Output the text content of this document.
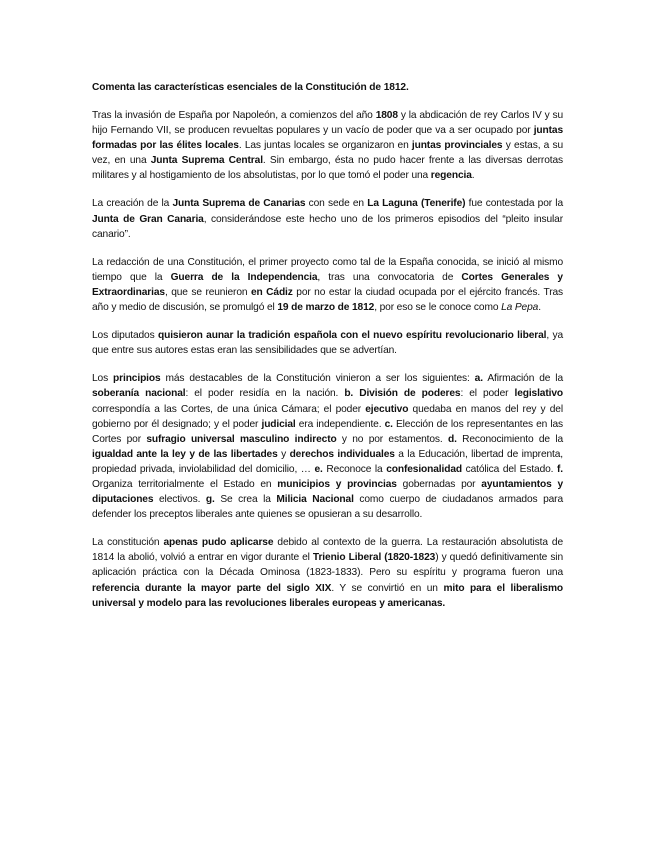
Comenta las características esenciales de la Constitución de 1812.

Tras la invasión de España por Napoleón, a comienzos del año 1808 y la abdicación de rey Carlos IV y su hijo Fernando VII, se producen revueltas populares y un vacío de poder que va a ser ocupado por juntas formadas por las élites locales. Las juntas locales se organizaron en juntas provinciales y estas, a su vez, en una Junta Suprema Central. Sin embargo, ésta no pudo hacer frente a las diversas derrotas militares y al hostigamiento de los absolutistas, por lo que tomó el poder una regencia.

La creación de la Junta Suprema de Canarias con sede en La Laguna (Tenerife) fue contestada por la Junta de Gran Canaria, considerándose este hecho uno de los primeros episodios del “pleito insular canario”.

La redacción de una Constitución, el primer proyecto como tal de la España conocida, se inició al mismo tiempo que la Guerra de la Independencia, tras una convocatoria de Cortes Generales y Extraordinarias, que se reunieron en Cádiz por no estar la ciudad ocupada por el ejército francés. Tras año y medio de discusión, se promulgó el 19 de marzo de 1812, por eso se le conoce como La Pepa.

Los diputados quisieron aunar la tradición española con el nuevo espíritu revolucionario liberal, ya que entre sus autores estas eran las sensibilidades que se advertían.

Los principios más destacables de la Constitución vinieron a ser los siguientes: a. Afirmación de la soberanía nacional: el poder residía en la nación. b. División de poderes: el poder legislativo correspondía a las Cortes, de una única Cámara; el poder ejecutivo quedaba en manos del rey y del gobierno por él designado; y el poder judicial era independiente. c. Elección de los representantes en las Cortes por sufragio universal masculino indirecto y no por estamentos. d. Reconocimiento de la igualdad ante la ley y de las libertades y derechos individuales a la Educación, libertad de imprenta, propiedad privada, inviolabilidad del domicilio, … e. Reconoce la confesionalidad católica del Estado. f. Organiza territorialmente el Estado en municipios y provincias gobernadas por ayuntamientos y diputaciones electivos. g. Se crea la Milicia Nacional como cuerpo de ciudadanos armados para defender los preceptos liberales ante quienes se opusieran a su desarrollo.

La constitución apenas pudo aplicarse debido al contexto de la guerra. La restauración absolutista de 1814 la abolió, volvió a entrar en vigor durante el Trienio Liberal (1820-1823) y quedó definitivamente sin aplicación práctica con la Década Ominosa (1823-1833). Pero su espíritu y programa fueron una referencia durante la mayor parte del siglo XIX. Y se convirtió en un mito para el liberalismo universal y modelo para las revoluciones liberales europeas y americanas.
